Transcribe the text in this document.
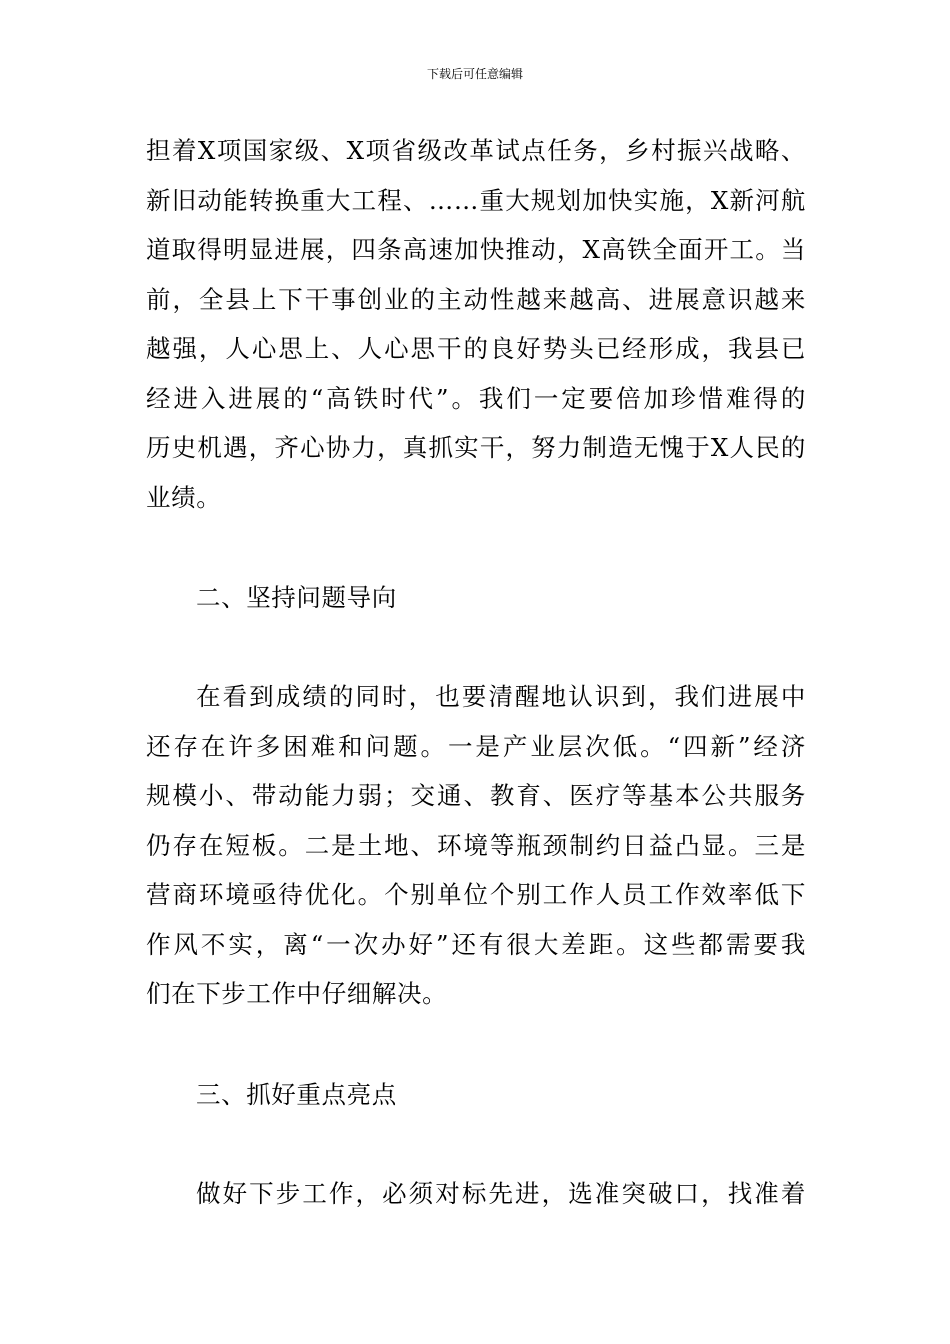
下载后可任意编辑
担着X项国家级、X项省级改革试点任务，乡村振兴战略、
新旧动能转换重大工程、……重大规划加快实施，X新河航
道取得明显进展，四条高速加快推动，X高铁全面开工。当
前，全县上下干事创业的主动性越来越高、进展意识越来
越强，人心思上、人心思干的良好势头已经形成，我县已
经进入进展的“高铁时代”。我们一定要倍加珍惜难得的
历史机遇，齐心协力，真抓实干，努力制造无愧于X人民的
业绩。
二、坚持问题导向
在看到成绩的同时，也要清醒地认识到，我们进展中
还存在许多困难和问题。一是产业层次低。“四新”经济
规模小、带动能力弱；交通、教育、医疗等基本公共服务
仍存在短板。二是土地、环境等瓶颈制约日益凸显。三是
营商环境亟待优化。个别单位个别工作人员工作效率低下
作风不实，离“一次办好”还有很大差距。这些都需要我
们在下步工作中仔细解决。
三、抓好重点亮点
做好下步工作，必须对标先进，选准突破口，找准着
